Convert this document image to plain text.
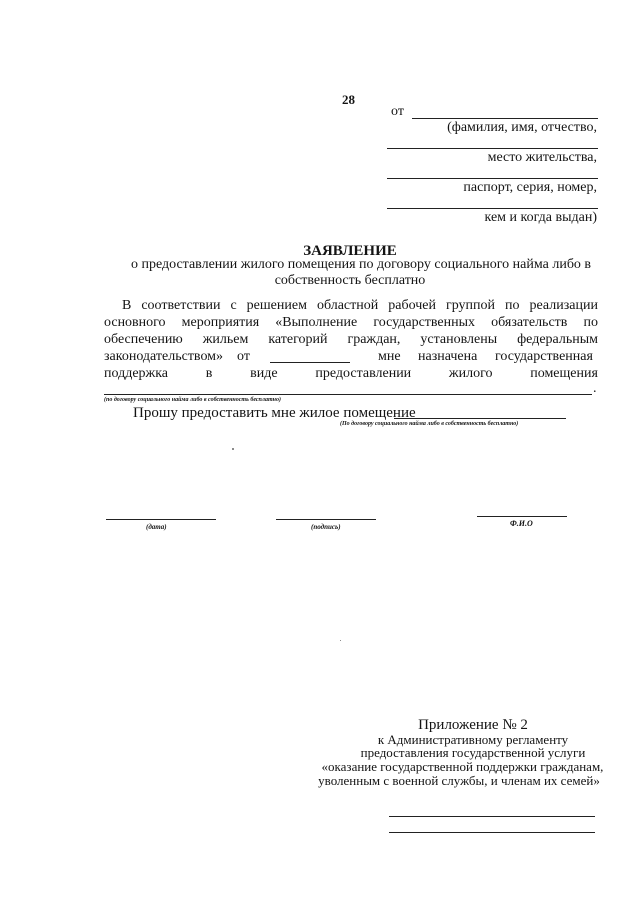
28
от
(фамилия, имя, отчество,
место жительства,
паспорт, серия, номер,
кем и когда выдан)
ЗАЯВЛЕНИЕ
о предоставлении жилого помещения по договору социального найма либо в
собственность бесплатно
В соответствии с решением областной рабочей группой по реализации
основного мероприятия «Выполнение государственных обязательств по
обеспечению жильем категорий граждан, установлены федеральным
законодательством» от	мне назначена государственная
поддержка	в	виде	предоставлении	жилого	помещения
.
(по договору социального найма либо в собственность бесплатно)
Прошу предоставить мне жилое помещение
(По договору социального найма либо в собственность бесплатно)
(дата)	(подпись)	Ф.И.О
Приложение № 2
к Административному регламенту
предоставления государственной услуги
«оказание государственной поддержки гражданам,
уволенным с военной службы, и членам их семей»
